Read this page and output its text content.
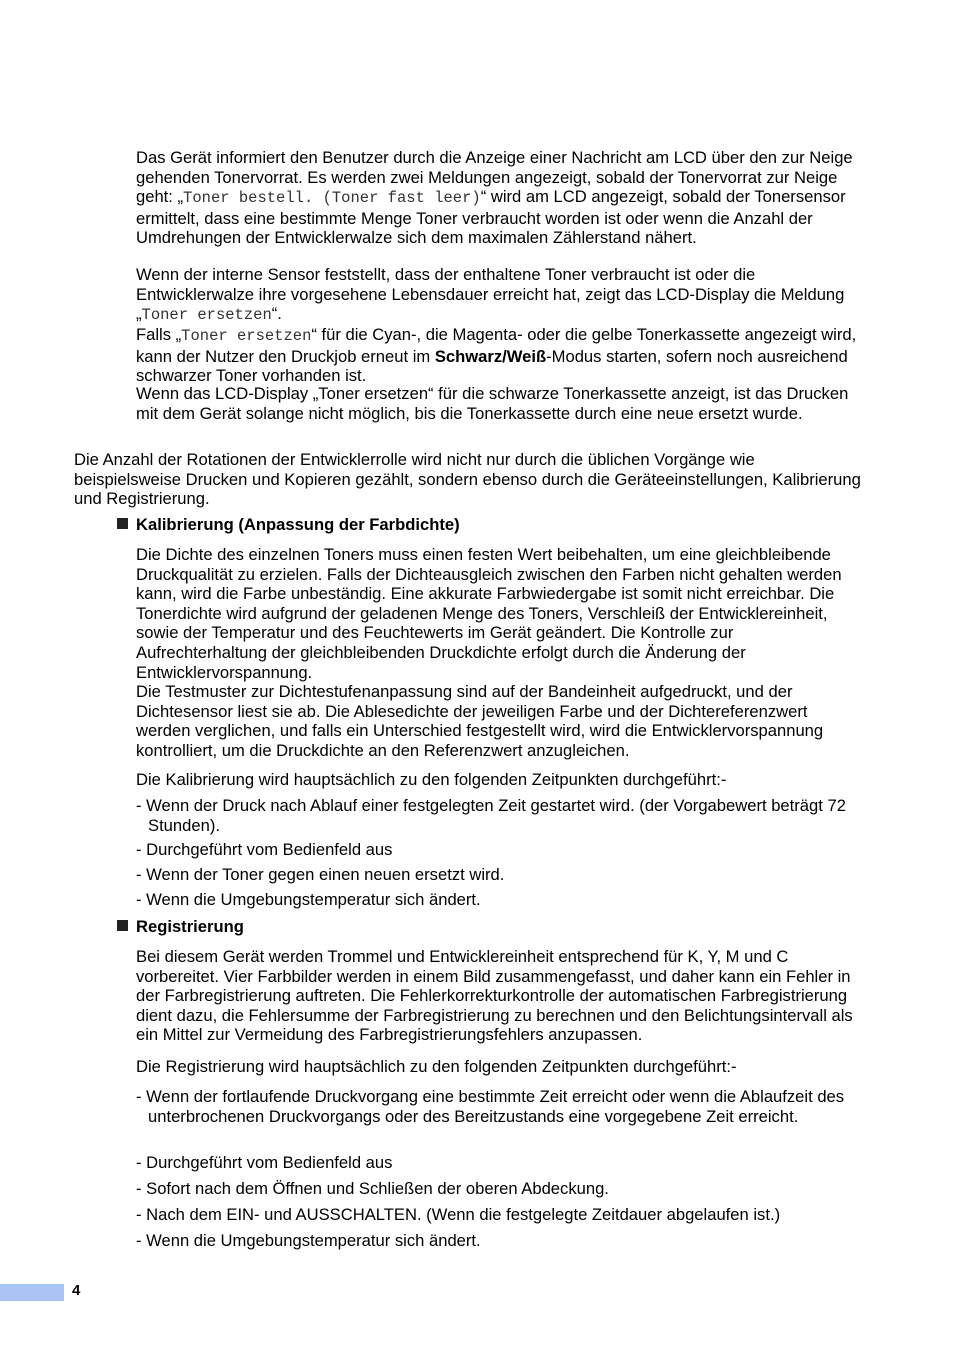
Das Gerät informiert den Benutzer durch die Anzeige einer Nachricht am LCD über den zur Neige gehenden Tonervorrat. Es werden zwei Meldungen angezeigt, sobald der Tonervorrat zur Neige geht: „Toner bestell. (Toner fast leer)“ wird am LCD angezeigt, sobald der Tonersensor ermittelt, dass eine bestimmte Menge Toner verbraucht worden ist oder wenn die Anzahl der Umdrehungen der Entwicklerwalze sich dem maximalen Zählerstand nähert.
Wenn der interne Sensor feststellt, dass der enthaltene Toner verbraucht ist oder die Entwicklerwalze ihre vorgesehene Lebensdauer erreicht hat, zeigt das LCD-Display die Meldung „Toner ersetzen“.
Falls „Toner ersetzen“ für die Cyan-, die Magenta- oder die gelbe Tonerkassette angezeigt wird, kann der Nutzer den Druckjob erneut im Schwarz/Weiß-Modus starten, sofern noch ausreichend schwarzer Toner vorhanden ist.
Wenn das LCD-Display „Toner ersetzen“ für die schwarze Tonerkassette anzeigt, ist das Drucken mit dem Gerät solange nicht möglich, bis die Tonerkassette durch eine neue ersetzt wurde.
Die Anzahl der Rotationen der Entwicklerrolle wird nicht nur durch die üblichen Vorgänge wie beispielsweise Drucken und Kopieren gezählt, sondern ebenso durch die Geräteeinstellungen, Kalibrierung und Registrierung.
Kalibrierung (Anpassung der Farbdichte)
Die Dichte des einzelnen Toners muss einen festen Wert beibehalten, um eine gleichbleibende Druckqualität zu erzielen. Falls der Dichteausgleich zwischen den Farben nicht gehalten werden kann, wird die Farbe unbeständig. Eine akkurate Farbwiedergabe ist somit nicht erreichbar. Die Tonerdichte wird aufgrund der geladenen Menge des Toners, Verschleiß der Entwicklereinheit, sowie der Temperatur und des Feuchtewerts im Gerät geändert. Die Kontrolle zur Aufrechterhaltung der gleichbleibenden Druckdichte erfolgt durch die Änderung der Entwicklervorspannung.
Die Testmuster zur Dichtestufenanpassung sind auf der Bandeinheit aufgedruckt, und der Dichtesensor liest sie ab. Die Ablesedichte der jeweiligen Farbe und der Dichtereferenzwert werden verglichen, und falls ein Unterschied festgestellt wird, wird die Entwicklervorspannung kontrolliert, um die Druckdichte an den Referenzwert anzugleichen.
Die Kalibrierung wird hauptsächlich zu den folgenden Zeitpunkten durchgeführt:-
- Wenn der Druck nach Ablauf einer festgelegten Zeit gestartet wird. (der Vorgabewert beträgt 72 Stunden).
- Durchgeführt vom Bedienfeld aus
- Wenn der Toner gegen einen neuen ersetzt wird.
- Wenn die Umgebungstemperatur sich ändert.
Registrierung
Bei diesem Gerät werden Trommel und Entwicklereinheit entsprechend für K, Y, M und C vorbereitet. Vier Farbbilder werden in einem Bild zusammengefasst, und daher kann ein Fehler in der Farbregistrierung auftreten. Die Fehlerkorrekturkontrolle der automatischen Farbregistrierung dient dazu, die Fehlersumme der Farbregistrierung zu berechnen und den Belichtungsintervall als ein Mittel zur Vermeidung des Farbregistrierungsfehlers anzupassen.
Die Registrierung wird hauptsächlich zu den folgenden Zeitpunkten durchgeführt:-
- Wenn der fortlaufende Druckvorgang eine bestimmte Zeit erreicht oder wenn die Ablaufzeit des unterbrochenen Druckvorgangs oder des Bereitzustands eine vorgegebene Zeit erreicht.
- Durchgeführt vom Bedienfeld aus
- Sofort nach dem Öffnen und Schließen der oberen Abdeckung.
- Nach dem EIN- und AUSSCHALTEN. (Wenn die festgelegte Zeitdauer abgelaufen ist.)
- Wenn die Umgebungstemperatur sich ändert.
4
